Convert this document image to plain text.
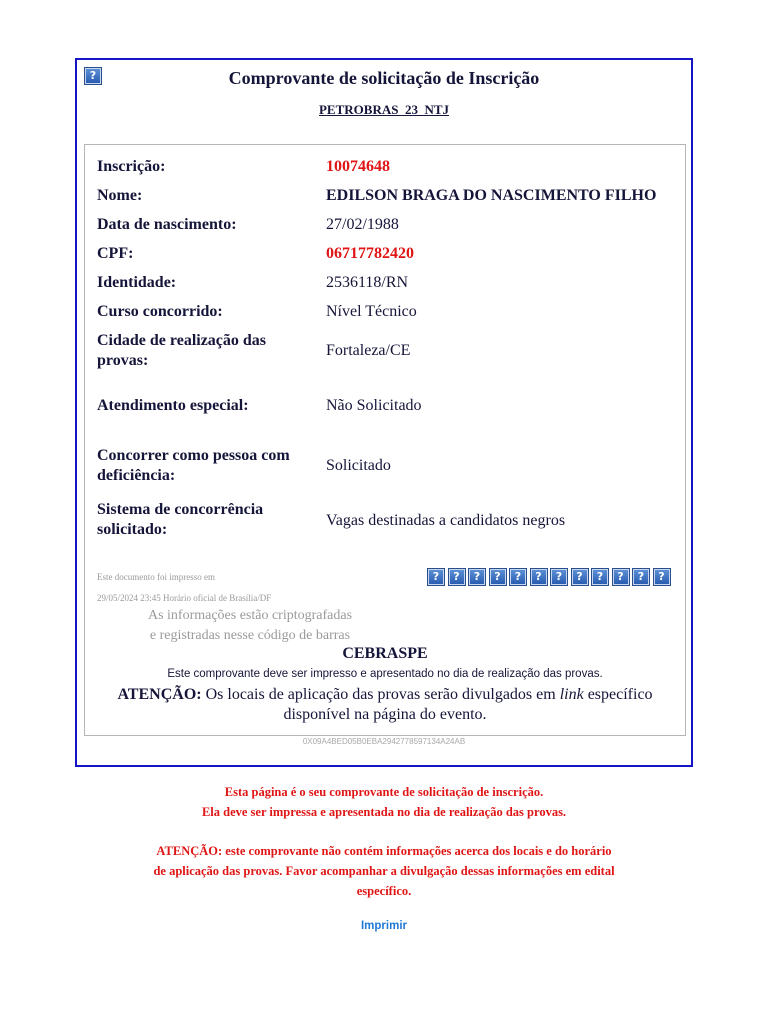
?	Comprovante de solicitação de Inscrição
PETROBRAS_23_NTJ
Inscrição:	10074648
Nome:	EDILSON BRAGA DO NASCIMENTO FILHO
Data de nascimento:	27/02/1988
CPF:	06717782420
Identidade:	2536118/RN
Curso concorrido:	Nível Técnico
Cidade de realização das provas:
Fortaleza/CE
Atendimento especial:	Não Solicitado
Concorrer como pessoa com deficiência:
Solicitado
Sistema de concorrência solicitado:
Vagas destinadas a candidatos negros
Este documento foi impresso em
29/05/2024 23:45 Horário oficial de Brasília/DF
?	?	?	?	?	?	?	?	?	?	?	?
As informações estão criptografadas
e registradas nesse código de barras
CEBRASPE
Este comprovante deve ser impresso e apresentado no dia de realização das provas.
ATENÇÃO: Os locais de aplicação das provas serão divulgados em link específico disponível na página do evento.
0X09A4BED05B0EBA2942778597134A24AB
Esta página é o seu comprovante de solicitação de inscrição.
Ela deve ser impressa e apresentada no dia de realização das provas.
ATENÇÃO: este comprovante não contém informações acerca dos locais e do horário
de aplicação das provas. Favor acompanhar a divulgação dessas informações em edital
específico.
Imprimir
